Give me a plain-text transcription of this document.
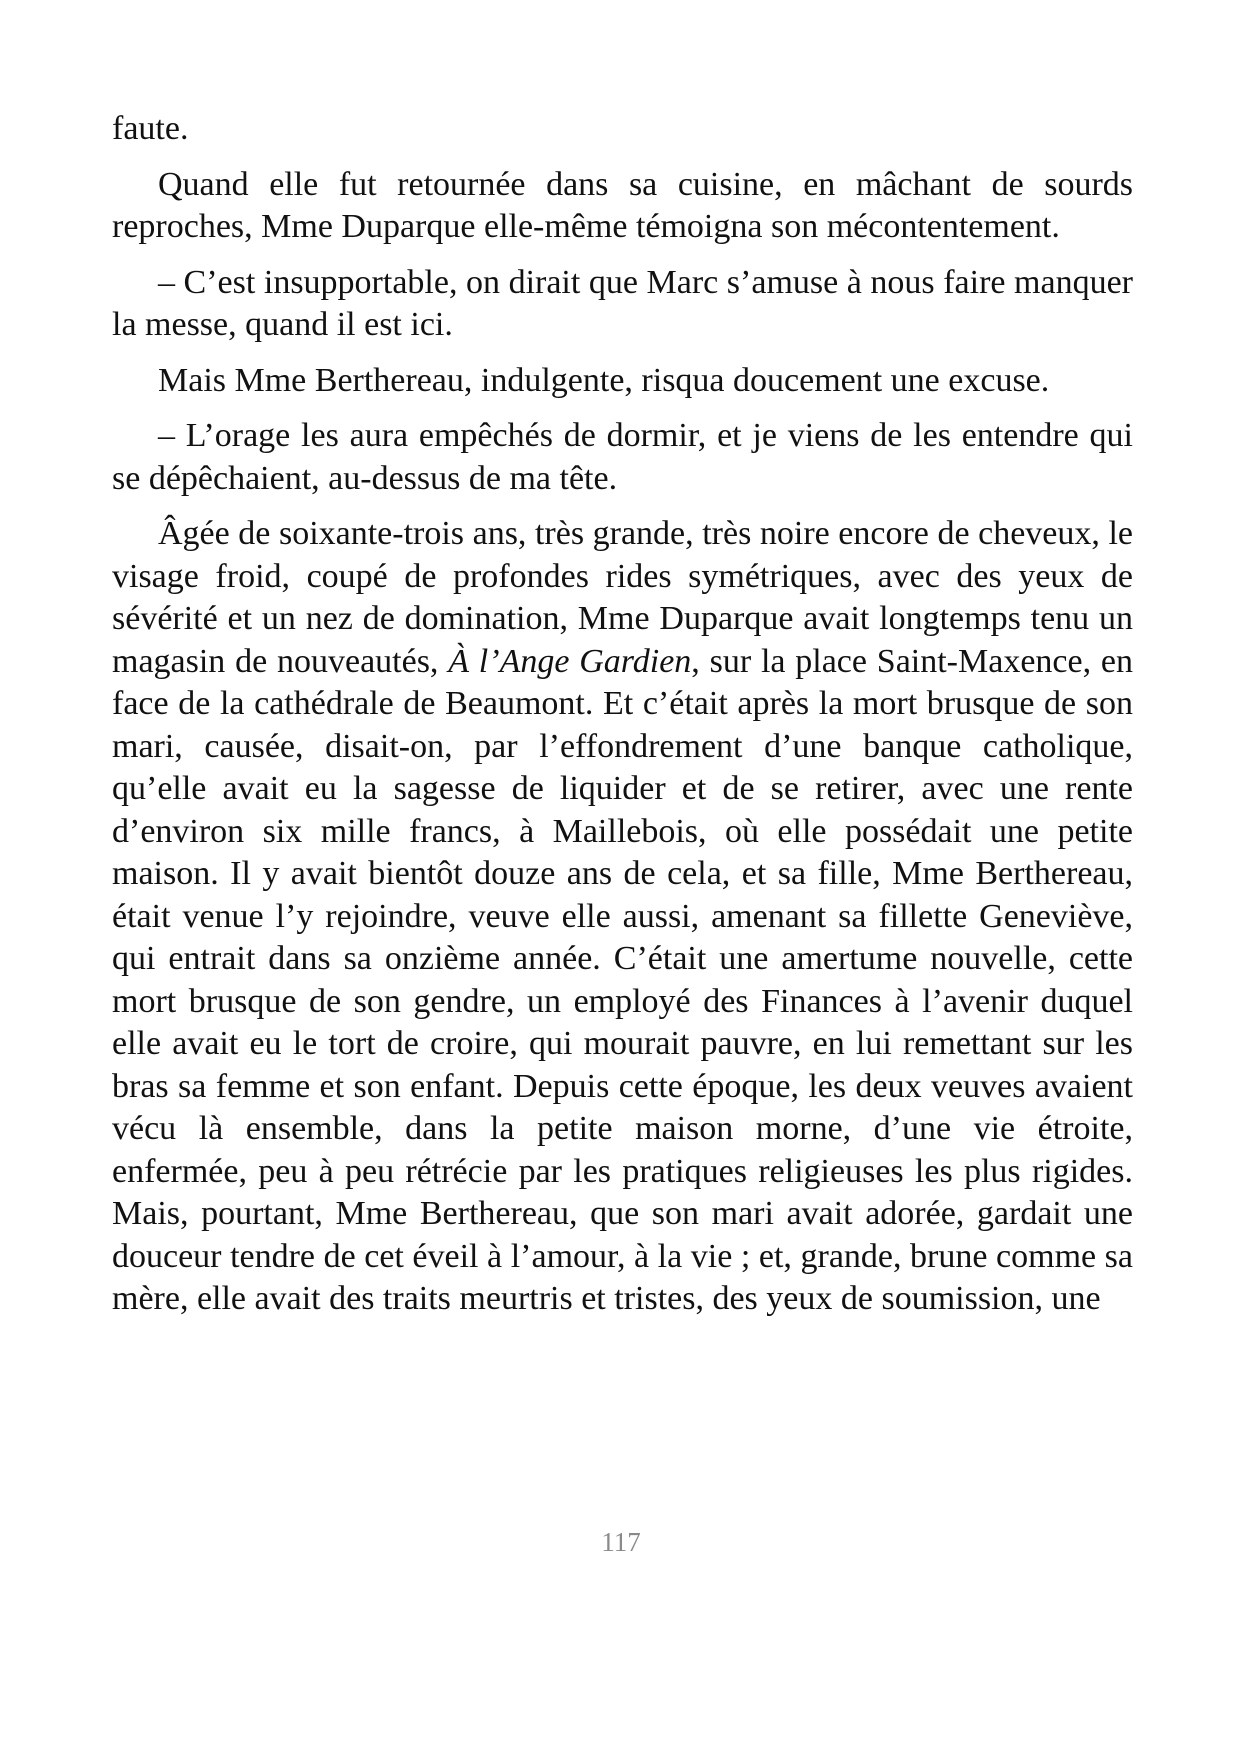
faute.

Quand elle fut retournée dans sa cuisine, en mâchant de sourds reproches, Mme Duparque elle-même témoigna son mécontentement.

– C’est insupportable, on dirait que Marc s’amuse à nous faire manquer la messe, quand il est ici.

Mais Mme Berthereau, indulgente, risqua doucement une excuse.

– L’orage les aura empêchés de dormir, et je viens de les entendre qui se dépêchaient, au-dessus de ma tête.

Âgée de soixante-trois ans, très grande, très noire encore de cheveux, le visage froid, coupé de profondes rides symétriques, avec des yeux de sévérité et un nez de domination, Mme Duparque avait longtemps tenu un magasin de nouveautés, À l’Ange Gardien, sur la place Saint-Maxence, en face de la cathédrale de Beaumont. Et c’était après la mort brusque de son mari, causée, disait-on, par l’effondrement d’une banque catholique, qu’elle avait eu la sagesse de liquider et de se retirer, avec une rente d’environ six mille francs, à Maillebois, où elle possédait une petite maison. Il y avait bientôt douze ans de cela, et sa fille, Mme Berthereau, était venue l’y rejoindre, veuve elle aussi, amenant sa fillette Geneviève, qui entrait dans sa onzième année. C’était une amertume nouvelle, cette mort brusque de son gendre, un employé des Finances à l’avenir duquel elle avait eu le tort de croire, qui mourait pauvre, en lui remettant sur les bras sa femme et son enfant. Depuis cette époque, les deux veuves avaient vécu là ensemble, dans la petite maison morne, d’une vie étroite, enfermée, peu à peu rétrécie par les pratiques religieuses les plus rigides. Mais, pourtant, Mme Berthereau, que son mari avait adorée, gardait une douceur tendre de cet éveil à l’amour, à la vie ; et, grande, brune comme sa mère, elle avait des traits meurtris et tristes, des yeux de soumission, une

117
